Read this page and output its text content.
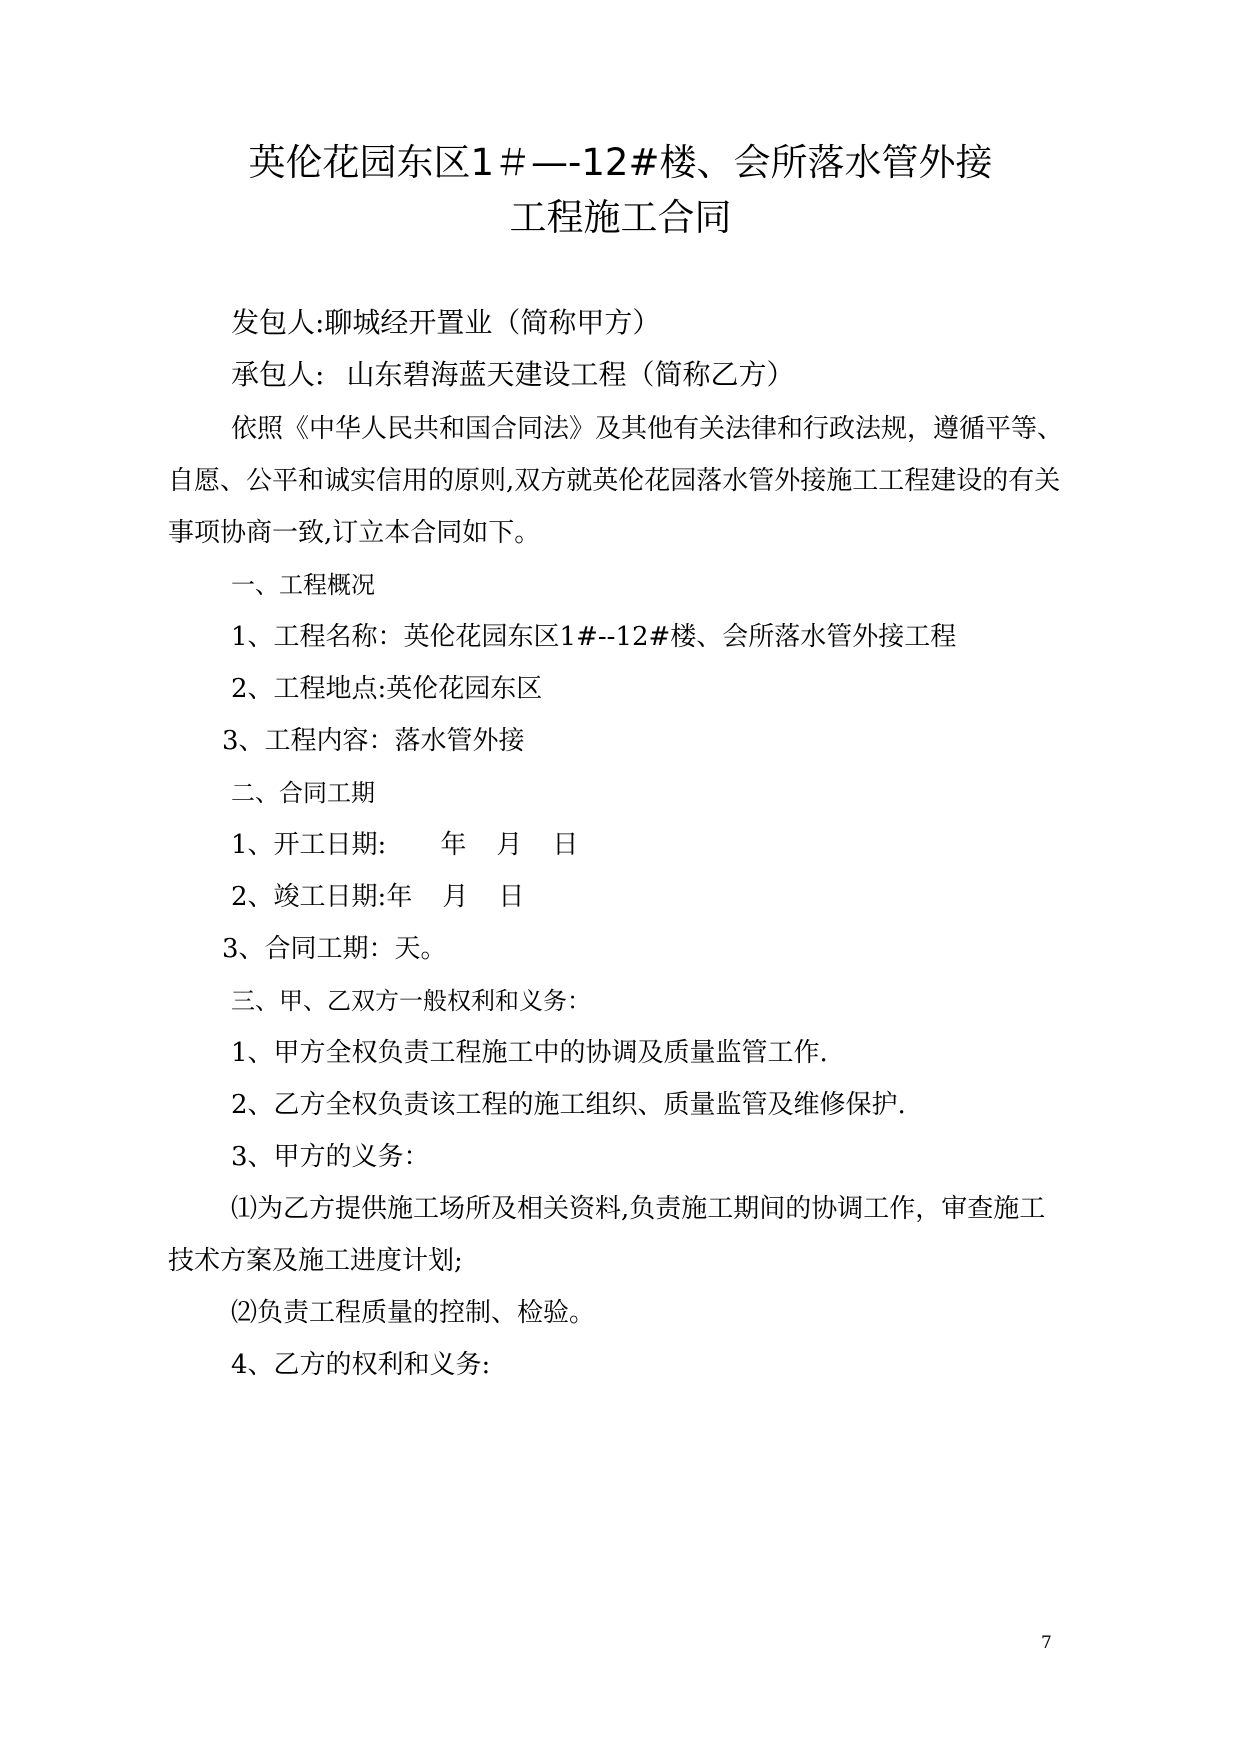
英伦花园东区1＃—-12#楼、会所落水管外接
工程施工合同
发包人:聊城经开置业（简称甲方）
承包人: 山东碧海蓝天建设工程（简称乙方）
依照《中华人民共和国合同法》及其他有关法律和行政法规，遵循平等、
自愿、公平和诚实信用的原则,双方就英伦花园落水管外接施工工程建设的有关
事项协商一致,订立本合同如下。
一、工程概况
1、工程名称：英伦花园东区1#--12#楼、会所落水管外接工程
2、工程地点:英伦花园东区
3、工程内容：落水管外接
二、合同工期
1、开工日期: 年 月 日
2、竣工日期:年 月 日
3、合同工期：天。
三、甲、乙双方一般权利和义务：
1、甲方全权负责工程施工中的协调及质量监管工作.
2、乙方全权负责该工程的施工组织、质量监管及维修保护.
3、甲方的义务：
⑴为乙方提供施工场所及相关资料,负责施工期间的协调工作，审查施工
技术方案及施工进度计划;
⑵负责工程质量的控制、检验。
4、乙方的权利和义务:
7
